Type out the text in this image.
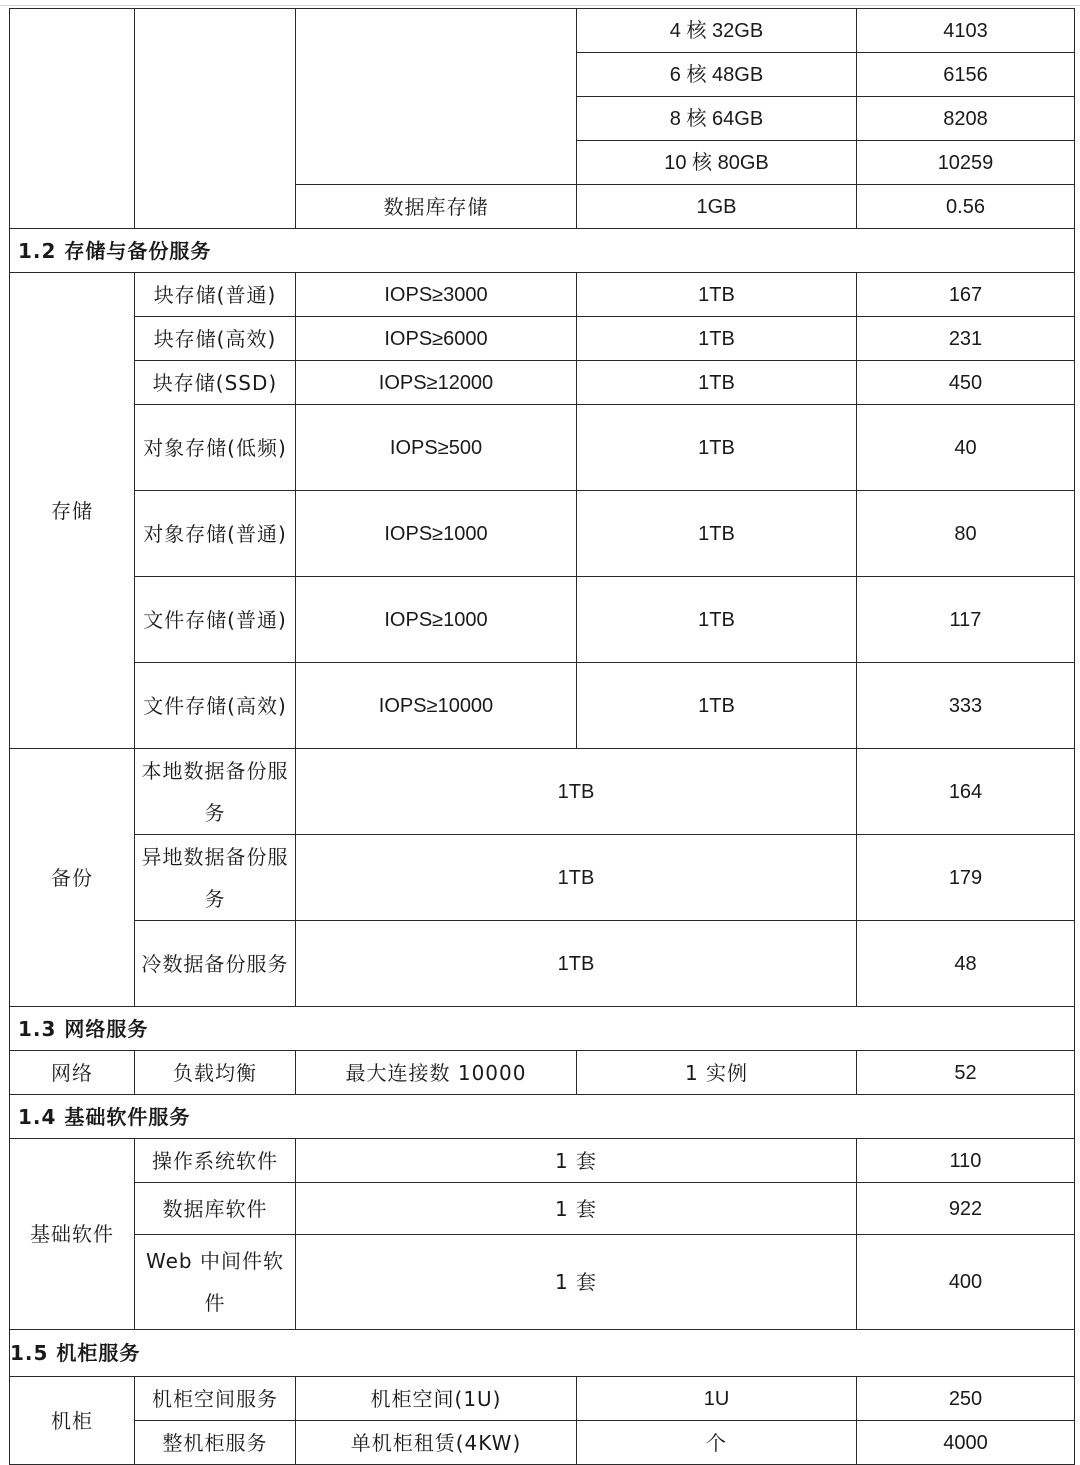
			4 核 32GB	4103
			6 核 48GB	6156
			8 核 64GB	8208
			10 核 80GB	10259
		数据库存储	1GB	0.56
1.2 存储与备份服务				
存储	块存储(普通)	IOPS≥3000	1TB	167
	块存储(高效)	IOPS≥6000	1TB	231
	块存储(SSD)	IOPS≥12000	1TB	450
	对象存储(低频)	IOPS≥500	1TB	40
	对象存储(普通)	IOPS≥1000	1TB	80
	文件存储(普通)	IOPS≥1000	1TB	117
	文件存储(高效)	IOPS≥10000	1TB	333
备份	本地数据备份服务	1TB		164
	异地数据备份服务	1TB		179
	冷数据备份服务	1TB		48
1.3 网络服务				
网络	负载均衡	最大连接数 10000	1 实例	52
1.4 基础软件服务				
基础软件	操作系统软件	1 套		110
	数据库软件	1 套		922
	Web 中间件软件	1 套		400
1.5 机柜服务				
机柜	机柜空间服务	机柜空间(1U)	1U	250
	整机柜服务	单机柜租赁(4KW)	个	4000
